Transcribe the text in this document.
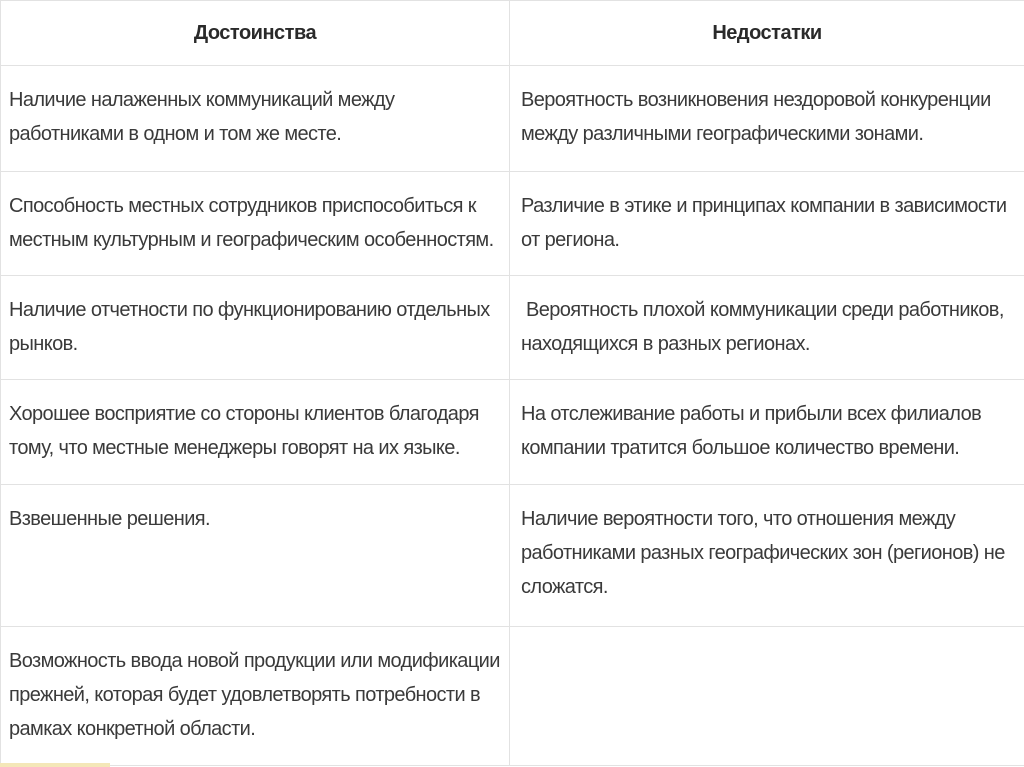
Достоинства	Недостатки
Наличие налаженных коммуникаций между работниками в одном и том же месте.	Вероятность возникновения нездоровой конкуренции между различными географическими зонами.
Способность местных сотрудников приспособиться к местным культурным и географическим особенностям.	Различие в этике и принципах компании в зависимости от региона.
Наличие отчетности по функционированию отдельных рынков.	Вероятность плохой коммуникации среди работников, находящихся в разных регионах.
Хорошее восприятие со стороны клиентов благодаря тому, что местные менеджеры говорят на их языке.	На отслеживание работы и прибыли всех филиалов компании тратится большое количество времени.
Взвешенные решения.	Наличие вероятности того, что отношения между работниками разных географических зон (регионов) не сложатся.
Возможность ввода новой продукции или модификации прежней, которая будет удовлетворять потребности в рамках конкретной области.	
